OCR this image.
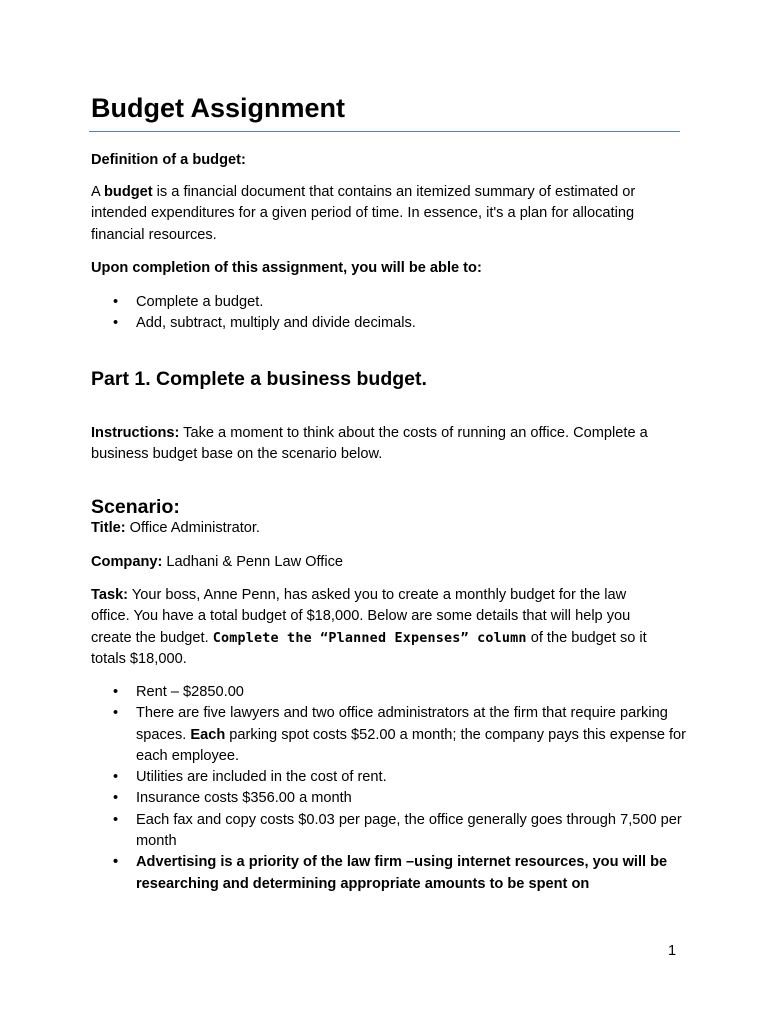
Budget Assignment

Definition of a budget:

A budget is a financial document that contains an itemized summary of estimated or intended expenditures for a given period of time. In essence, it's a plan for allocating financial resources.

Upon completion of this assignment, you will be able to:

• Complete a budget.
• Add, subtract, multiply and divide decimals.
Part 1. Complete a business budget.

Instructions: Take a moment to think about the costs of running an office. Complete a business budget base on the scenario below.

Scenario:

Title: Office Administrator.

Company: Ladhani & Penn Law Office

Task: Your boss, Anne Penn, has asked you to create a monthly budget for the law office. You have a total budget of $18,000. Below are some details that will help you create the budget. Complete the “Planned Expenses” column of the budget so it totals $18,000.

• Rent – $2850.00
• There are five lawyers and two office administrators at the firm that require parking spaces. Each parking spot costs $52.00 a month; the company pays this expense for each employee.
• Utilities are included in the cost of rent.
• Insurance costs $356.00 a month
• Each fax and copy costs $0.03 per page, the office generally goes through 7,500 per month
• Advertising is a priority of the law firm –using internet resources, you will be researching and determining appropriate amounts to be spent on
1
